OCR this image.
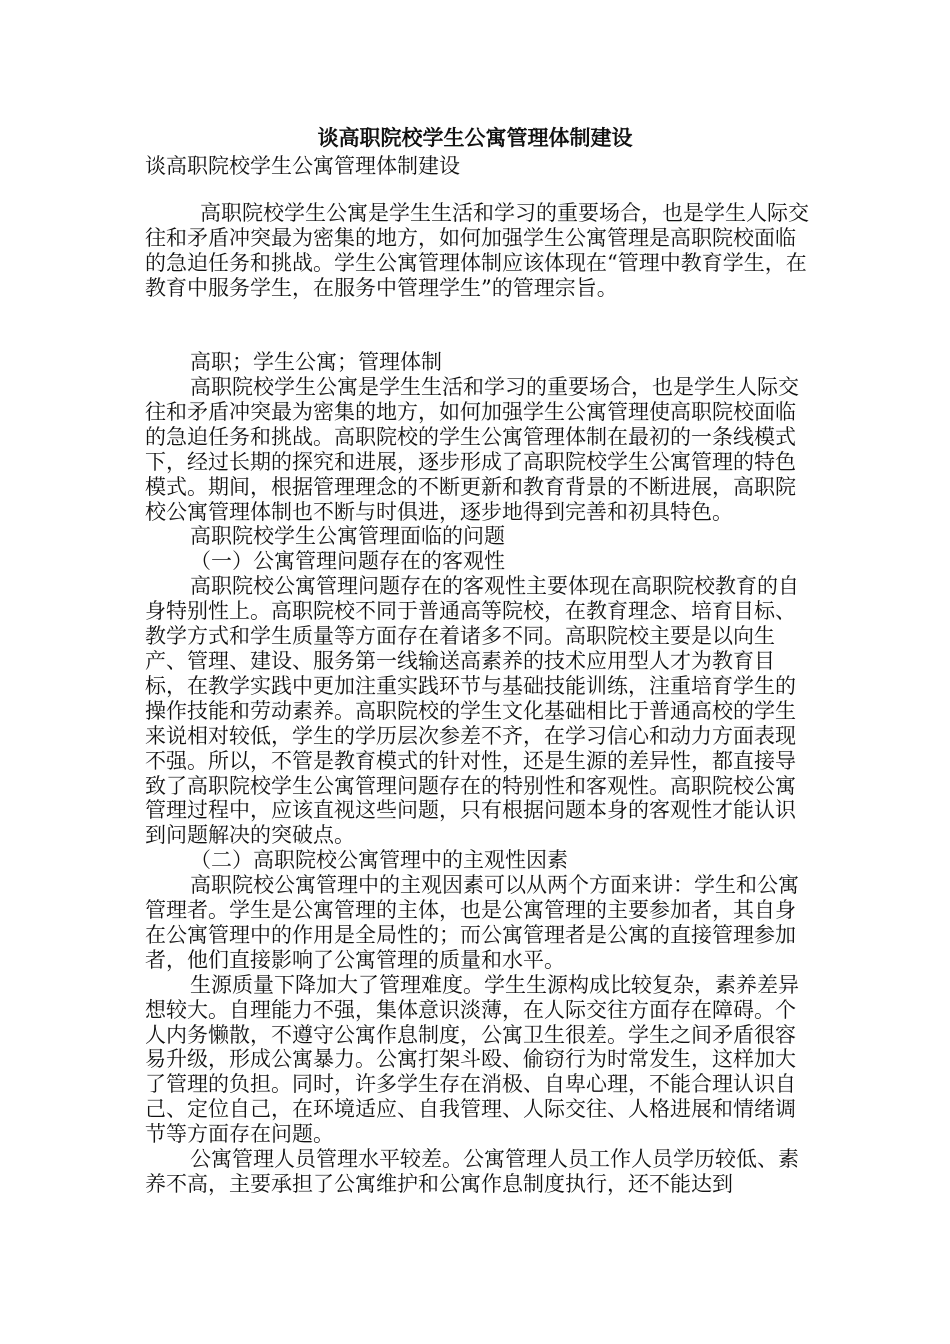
谈高职院校学生公寓管理体制建设
谈高职院校学生公寓管理体制建设

高职院校学生公寓是学生生活和学习的重要场合，也是学生人际交往和矛盾冲突最为密集的地方，如何加强学生公寓管理是高职院校面临的急迫任务和挑战。学生公寓管理体制应该体现在“管理中教育学生，在教育中服务学生，在服务中管理学生”的管理宗旨。

高职；学生公寓；管理体制

高职院校学生公寓是学生生活和学习的重要场合，也是学生人际交往和矛盾冲突最为密集的地方，如何加强学生公寓管理使高职院校面临的急迫任务和挑战。高职院校的学生公寓管理体制在最初的一条线模式下，经过长期的探究和进展，逐步形成了高职院校学生公寓管理的特色模式。期间，根据管理理念的不断更新和教育背景的不断进展，高职院校公寓管理体制也不断与时俱进，逐步地得到完善和初具特色。

高职院校学生公寓管理面临的问题

（一）公寓管理问题存在的客观性

高职院校公寓管理问题存在的客观性主要体现在高职院校教育的自身特别性上。高职院校不同于普通高等院校，在教育理念、培育目标、教学方式和学生质量等方面存在着诸多不同。高职院校主要是以向生产、管理、建设、服务第一线输送高素养的技术应用型人才为教育目标，在教学实践中更加注重实践环节与基础技能训练，注重培育学生的操作技能和劳动素养。高职院校的学生文化基础相比于普通高校的学生来说相对较低，学生的学历层次参差不齐，在学习信心和动力方面表现不强。所以，不管是教育模式的针对性，还是生源的差异性，都直接导致了高职院校学生公寓管理问题存在的特别性和客观性。高职院校公寓管理过程中，应该直视这些问题，只有根据问题本身的客观性才能认识到问题解决的突破点。

（二）高职院校公寓管理中的主观性因素

高职院校公寓管理中的主观因素可以从两个方面来讲：学生和公寓管理者。学生是公寓管理的主体，也是公寓管理的主要参加者，其自身在公寓管理中的作用是全局性的；而公寓管理者是公寓的直接管理参加者，他们直接影响了公寓管理的质量和水平。

生源质量下降加大了管理难度。学生生源构成比较复杂，素养差异想较大。自理能力不强，集体意识淡薄，在人际交往方面存在障碍。个人内务懒散，不遵守公寓作息制度，公寓卫生很差。学生之间矛盾很容易升级，形成公寓暴力。公寓打架斗殴、偷窃行为时常发生，这样加大了管理的负担。同时，许多学生存在消极、自卑心理，不能合理认识自己、定位自己，在环境适应、自我管理、人际交往、人格进展和情绪调节等方面存在问题。

公寓管理人员管理水平较差。公寓管理人员工作人员学历较低、素养不高，主要承担了公寓维护和公寓作息制度执行，还不能达到
